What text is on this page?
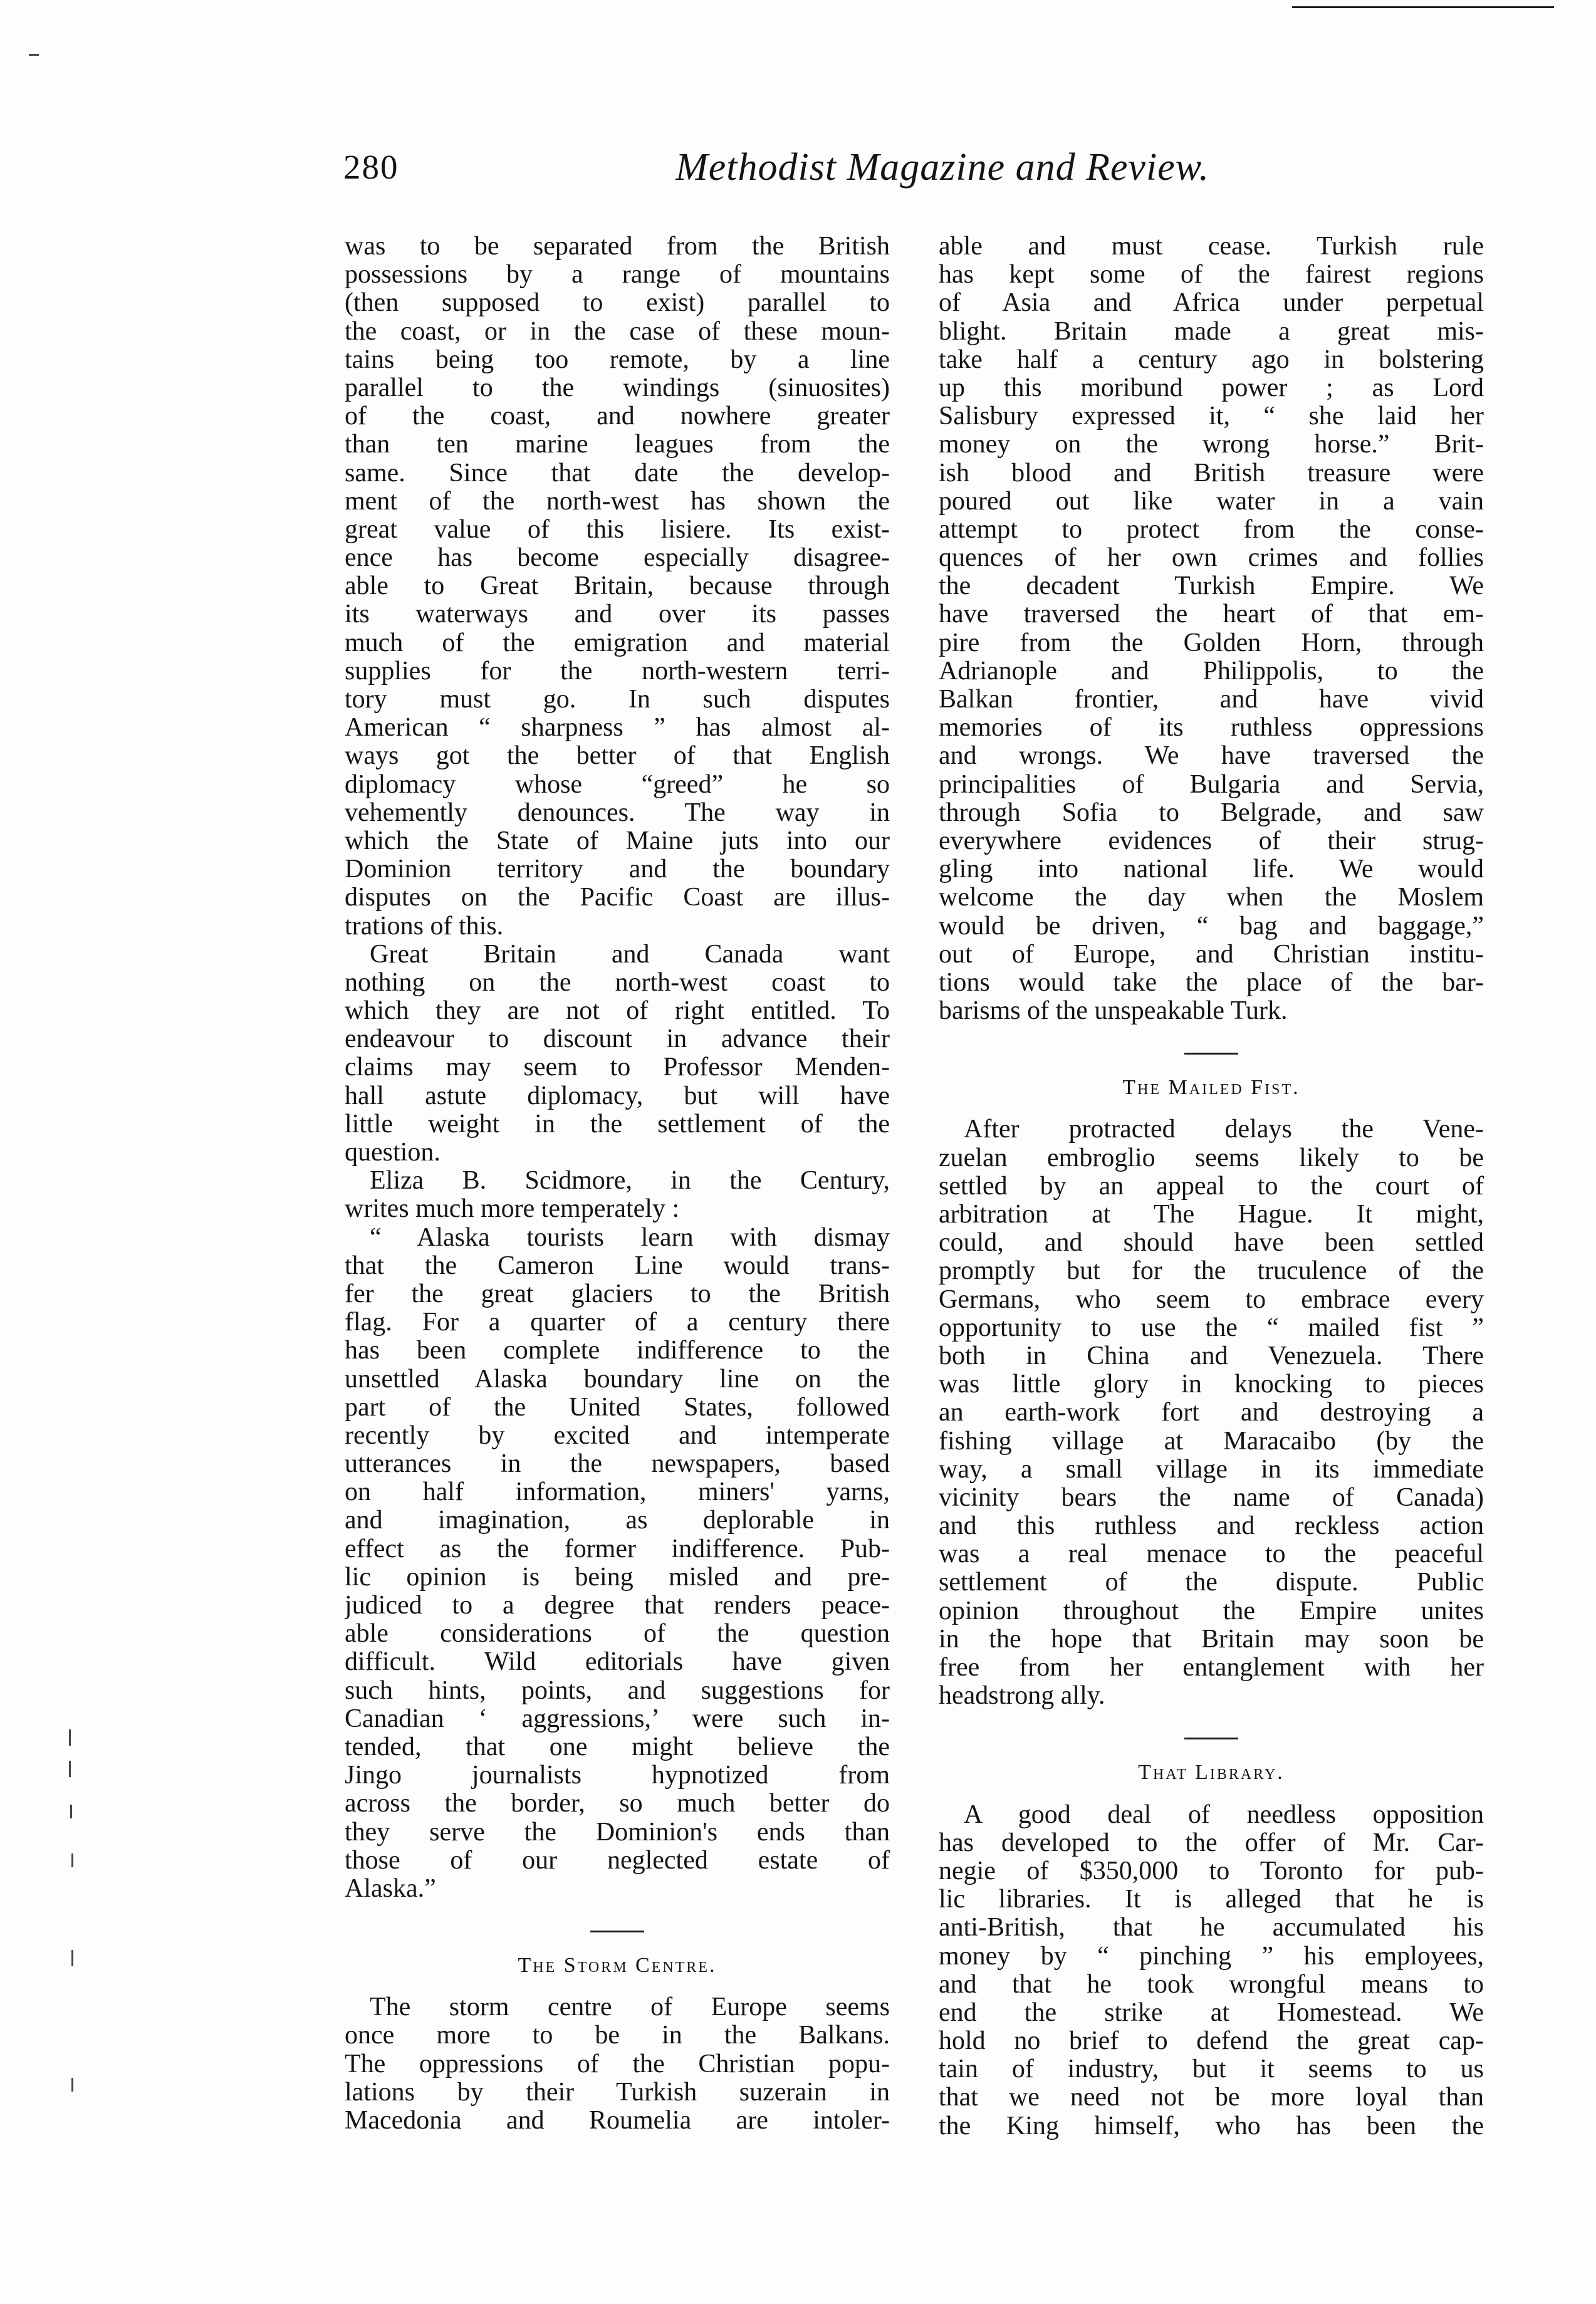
280	Methodist Magazine and Review.
was to be separated from the British
possessions by a range of mountains
(then supposed to exist) parallel to
the coast, or in the case of these moun-
tains being too remote, by a line
parallel to the windings (sinuosites)
of the coast, and nowhere greater
than ten marine leagues from the
same. Since that date the develop-
ment of the north-west has shown the
great value of this lisiere. Its exist-
ence has become especially disagree-
able to Great Britain, because through
its waterways and over its passes
much of the emigration and material
supplies for the north-western terri-
tory must go. In such disputes
American “ sharpness ” has almost al-
ways got the better of that English
diplomacy whose “greed” he so
vehemently denounces. The way in
which the State of Maine juts into our
Dominion territory and the boundary
disputes on the Pacific Coast are illus-
trations of this.
Great Britain and Canada want
nothing on the north-west coast to
which they are not of right entitled. To
endeavour to discount in advance their
claims may seem to Professor Menden-
hall astute diplomacy, but will have
little weight in the settlement of the
question.
Eliza B. Scidmore, in the Century,
writes much more temperately :
“ Alaska tourists learn with dismay
that the Cameron Line would trans-
fer the great glaciers to the British
flag. For a quarter of a century there
has been complete indifference to the
unsettled Alaska boundary line on the
part of the United States, followed
recently by excited and intemperate
utterances in the newspapers, based
on half information, miners' yarns,
and imagination, as deplorable in
effect as the former indifference. Pub-
lic opinion is being misled and pre-
judiced to a degree that renders peace-
able considerations of the question
difficult. Wild editorials have given
such hints, points, and suggestions for
Canadian ‘ aggressions,’ were such in-
tended, that one might believe the
Jingo journalists hypnotized from
across the border, so much better do
they serve the Dominion's ends than
those of our neglected estate of
Alaska.”
The Storm Centre.
The storm centre of Europe seems
once more to be in the Balkans.
The oppressions of the Christian popu-
lations by their Turkish suzerain in
Macedonia and Roumelia are intoler-
able and must cease. Turkish rule
has kept some of the fairest regions
of Asia and Africa under perpetual
blight. Britain made a great mis-
take half a century ago in bolstering
up this moribund power ; as Lord
Salisbury expressed it, “ she laid her
money on the wrong horse.” Brit-
ish blood and British treasure were
poured out like water in a vain
attempt to protect from the conse-
quences of her own crimes and follies
the decadent Turkish Empire. We
have traversed the heart of that em-
pire from the Golden Horn, through
Adrianople and Philippolis, to the
Balkan frontier, and have vivid
memories of its ruthless oppressions
and wrongs. We have traversed the
principalities of Bulgaria and Servia,
through Sofia to Belgrade, and saw
everywhere evidences of their strug-
gling into national life. We would
welcome the day when the Moslem
would be driven, “ bag and baggage,”
out of Europe, and Christian institu-
tions would take the place of the bar-
barisms of the unspeakable Turk.
The Mailed Fist.
After protracted delays the Vene-
zuelan embroglio seems likely to be
settled by an appeal to the court of
arbitration at The Hague. It might,
could, and should have been settled
promptly but for the truculence of the
Germans, who seem to embrace every
opportunity to use the “ mailed fist ”
both in China and Venezuela. There
was little glory in knocking to pieces
an earth-work fort and destroying a
fishing village at Maracaibo (by the
way, a small village in its immediate
vicinity bears the name of Canada)
and this ruthless and reckless action
was a real menace to the peaceful
settlement of the dispute. Public
opinion throughout the Empire unites
in the hope that Britain may soon be
free from her entanglement with her
headstrong ally.
That Library.
A good deal of needless opposition
has developed to the offer of Mr. Car-
negie of $350,000 to Toronto for pub-
lic libraries. It is alleged that he is
anti-British, that he accumulated his
money by “ pinching ” his employees,
and that he took wrongful means to
end the strike at Homestead. We
hold no brief to defend the great cap-
tain of industry, but it seems to us
that we need not be more loyal than
the King himself, who has been the
